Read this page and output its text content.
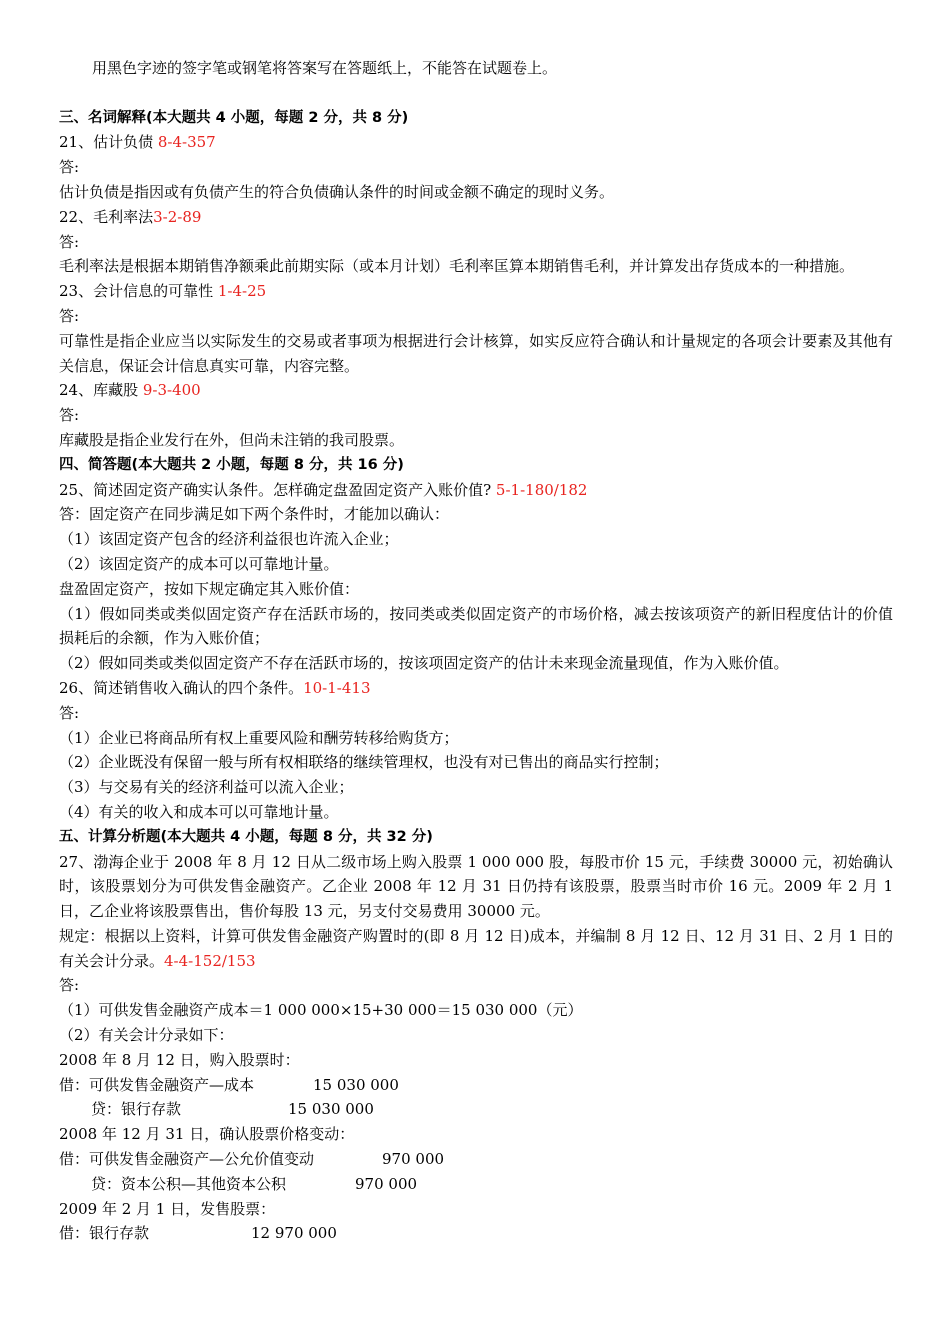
用黑色字迹的签字笔或钢笔将答案写在答题纸上，不能答在试题卷上。
三、名词解释(本大题共 4 小题，每题 2 分，共 8 分)
21、估计负债 8-4-357
答:
估计负债是指因或有负债产生的符合负债确认条件的时间或金额不确定的现时义务。
22、毛利率法3-2-89
答:
毛利率法是根据本期销售净额乘此前期实际（或本月计划）毛利率匡算本期销售毛利，并计算发出存货成本的一种措施。
23、会计信息的可靠性 1-4-25
答:
可靠性是指企业应当以实际发生的交易或者事项为根据进行会计核算，如实反应符合确认和计量规定的各项会计要素及其他有关信息，保证会计信息真实可靠，内容完整。
24、库藏股 9-3-400
答:
库藏股是指企业发行在外，但尚未注销的我司股票。
四、简答题(本大题共 2 小题，每题 8 分，共 16 分)
25、简述固定资产确实认条件。怎样确定盘盈固定资产入账价值? 5-1-180/182
答：固定资产在同步满足如下两个条件时，才能加以确认：
（1）该固定资产包含的经济利益很也许流入企业；
（2）该固定资产的成本可以可靠地计量。
盘盈固定资产，按如下规定确定其入账价值：
（1）假如同类或类似固定资产存在活跃市场的，按同类或类似固定资产的市场价格，减去按该项资产的新旧程度估计的价值损耗后的余额，作为入账价值；
（2）假如同类或类似固定资产不存在活跃市场的，按该项固定资产的估计未来现金流量现值，作为入账价值。
26、简述销售收入确认的四个条件。10-1-413
答:
（1）企业已将商品所有权上重要风险和酬劳转移给购货方；
（2）企业既没有保留一般与所有权相联络的继续管理权，也没有对已售出的商品实行控制；
（3）与交易有关的经济利益可以流入企业；
（4）有关的收入和成本可以可靠地计量。
五、计算分析题(本大题共 4 小题，每题 8 分，共 32 分)
27、渤海企业于 2008 年 8 月 12 日从二级市场上购入股票 1 000 000 股，每股市价 15 元，手续费 30000 元，初始确认时，该股票划分为可供发售金融资产。乙企业 2008 年 12 月 31 日仍持有该股票，股票当时市价 16 元。2009 年 2 月 1 日，乙企业将该股票售出，售价每股 13 元，另支付交易费用 30000 元。
规定：根据以上资料，计算可供发售金融资产购置时的(即 8 月 12 日)成本，并编制 8 月 12 日、12 月 31 日、2 月 1 日的有关会计分录。4-4-152/153
答:
（1）可供发售金融资产成本＝1 000 000×15+30 000＝15 030 000（元）
（2）有关会计分录如下：
2008 年 8 月 12 日，购入股票时：
借：可供发售金融资产—成本	15 030 000
贷：银行存款	15 030 000
2008 年 12 月 31 日，确认股票价格变动：
借：可供发售金融资产—公允价值变动	970 000
贷：资本公积—其他资本公积	970 000
2009 年 2 月 1 日，发售股票：
借：银行存款	12 970 000
